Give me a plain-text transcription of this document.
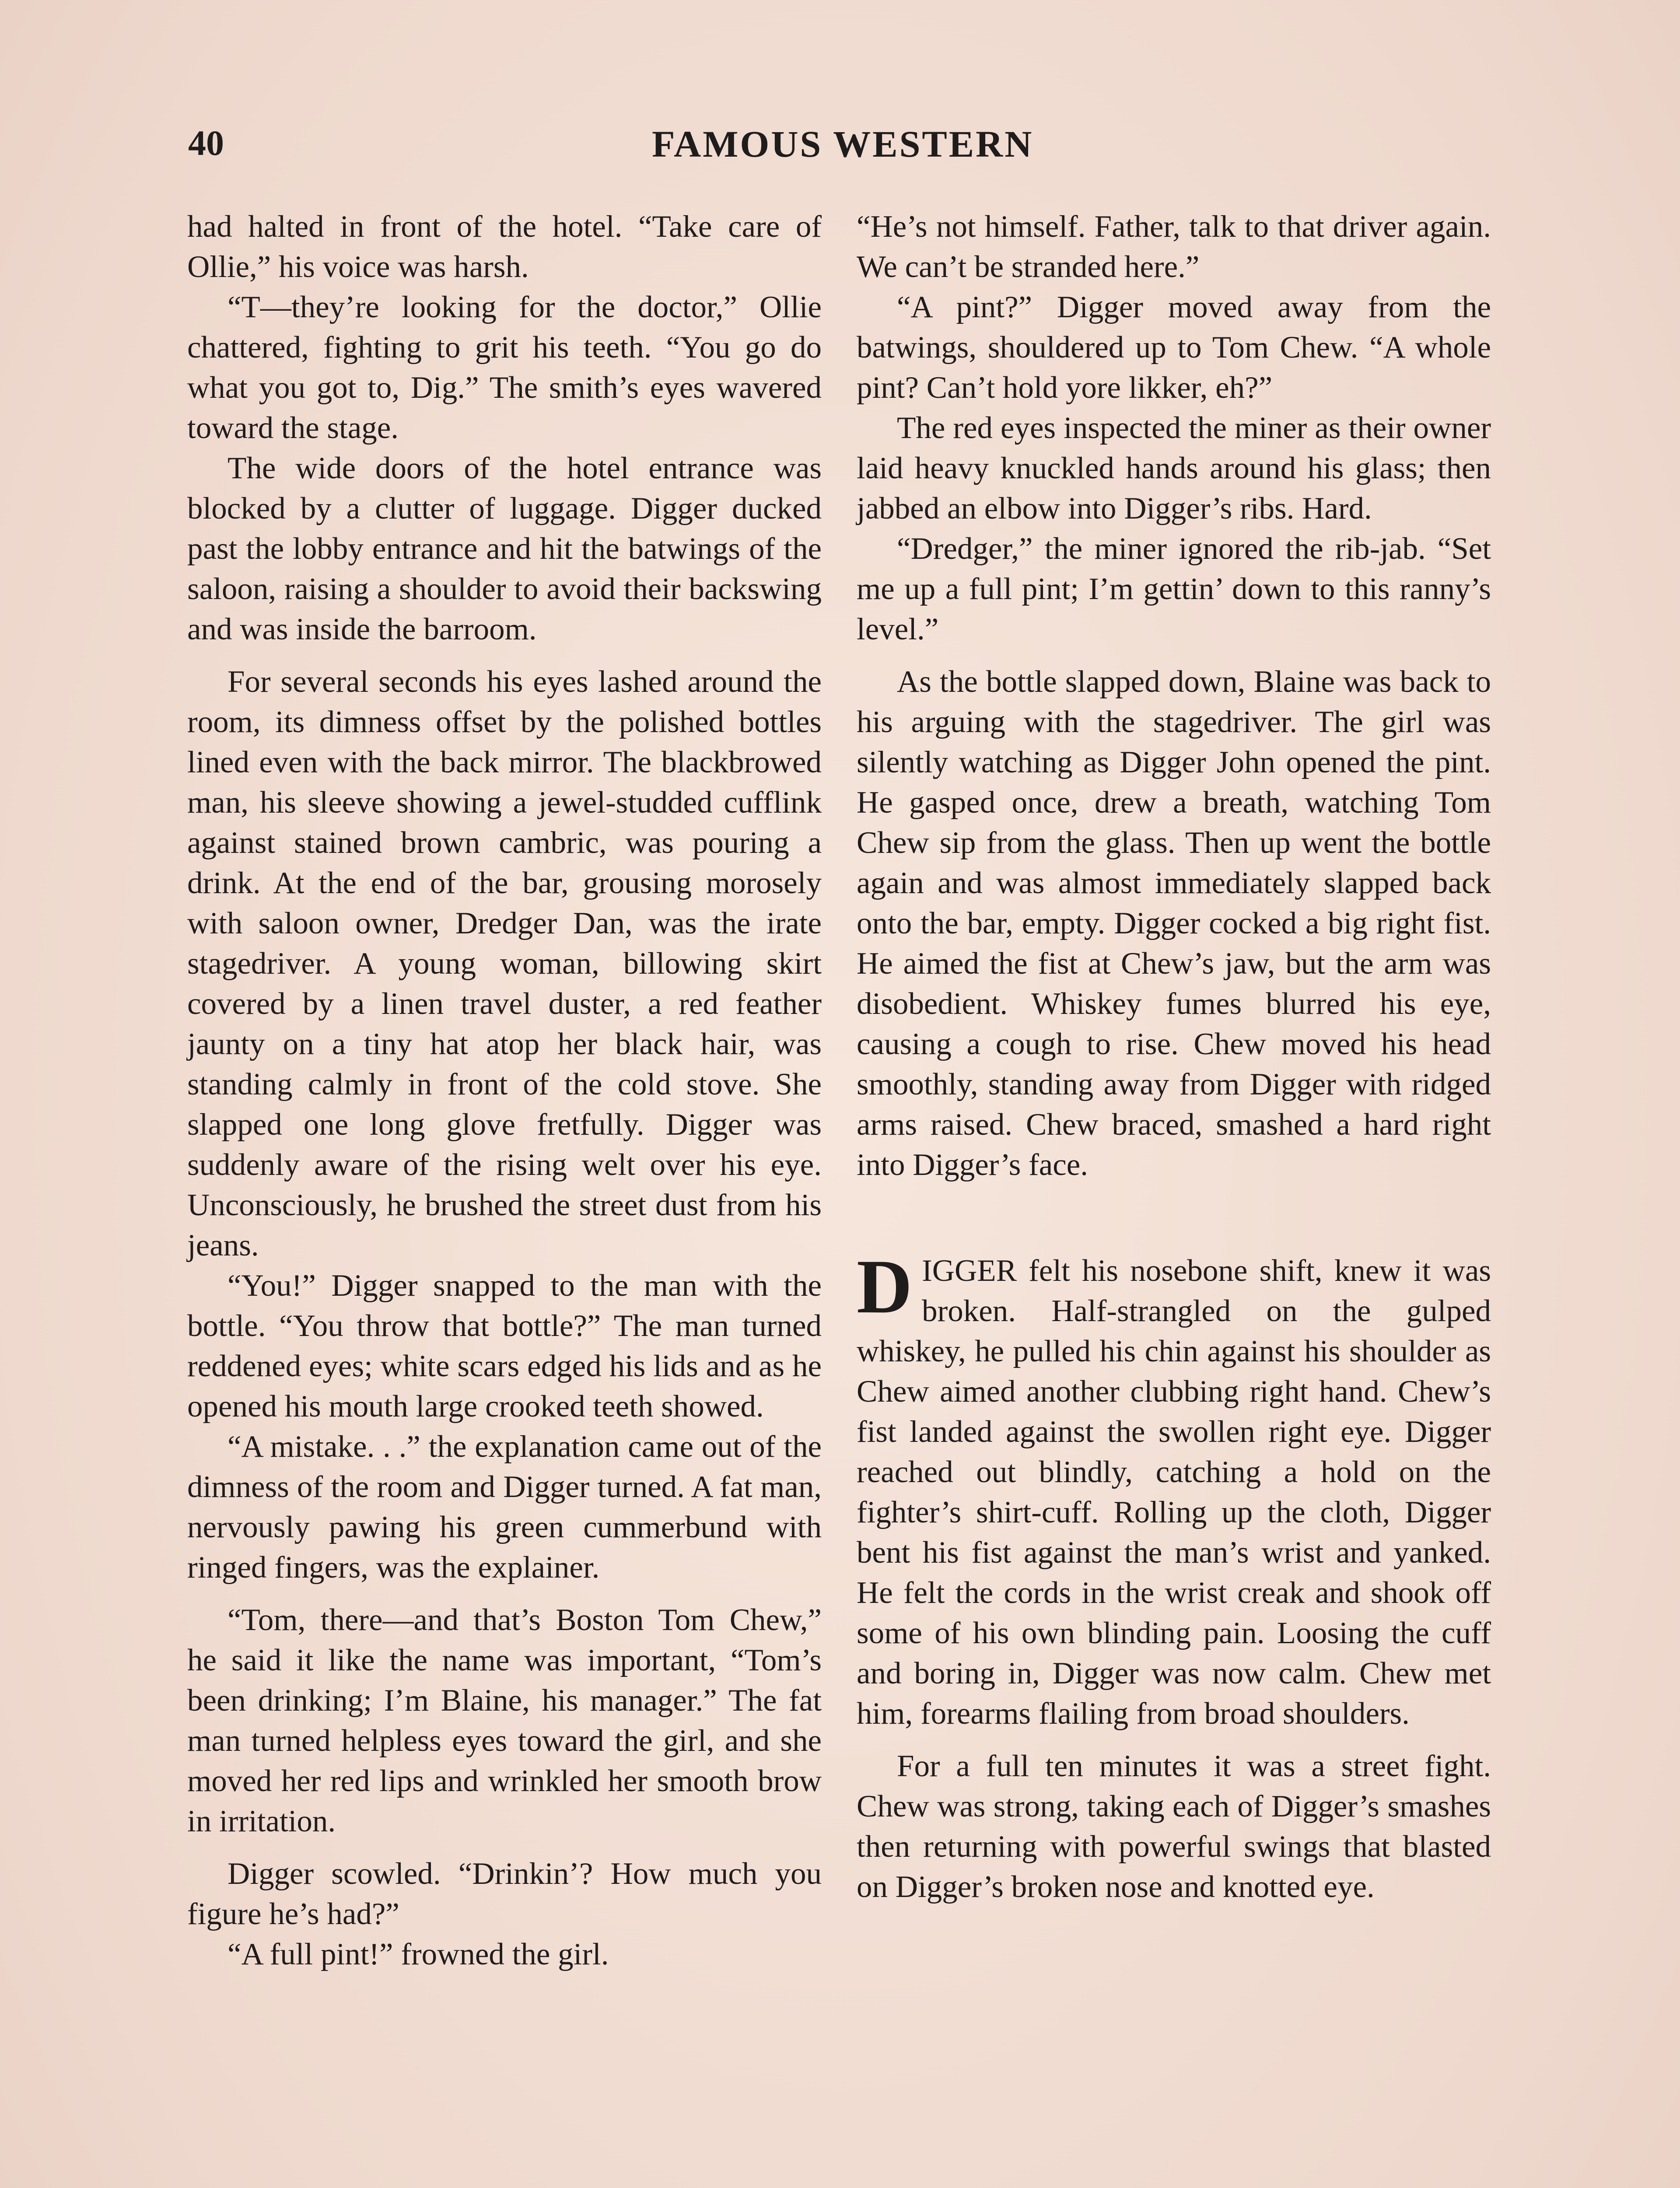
40	FAMOUS WESTERN

had halted in front of the hotel. “Take care of Ollie,” his voice was harsh.

“T—they’re looking for the doctor,” Ollie chattered, fighting to grit his teeth. “You go do what you got to, Dig.” The smith’s eyes wavered toward the stage.

The wide doors of the hotel entrance was blocked by a clutter of luggage. Digger ducked past the lobby entrance and hit the batwings of the saloon, raising a shoulder to avoid their backswing and was inside the barroom.

For several seconds his eyes lashed around the room, its dimness offset by the polished bottles lined even with the back mirror. The blackbrowed man, his sleeve showing a jewel-studded cufflink against stained brown cambric, was pouring a drink. At the end of the bar, grousing morosely with saloon owner, Dredger Dan, was the irate stagedriver. A young woman, billowing skirt covered by a linen travel duster, a red feather jaunty on a tiny hat atop her black hair, was standing calmly in front of the cold stove. She slapped one long glove fretfully. Digger was suddenly aware of the rising welt over his eye. Unconsciously, he brushed the street dust from his jeans.

“You!” Digger snapped to the man with the bottle. “You throw that bottle?” The man turned reddened eyes; white scars edged his lids and as he opened his mouth large crooked teeth showed.

“A mistake. . .” the explanation came out of the dimness of the room and Digger turned. A fat man, nervously pawing his green cummerbund with ringed fingers, was the explainer.

“Tom, there—and that’s Boston Tom Chew,” he said it like the name was important, “Tom’s been drinking; I’m Blaine, his manager.” The fat man turned helpless eyes toward the girl, and she moved her red lips and wrinkled her smooth brow in irritation.

Digger scowled. “Drinkin’? How much you figure he’s had?”

“A full pint!” frowned the girl.

“He’s not himself. Father, talk to that driver again. We can’t be stranded here.”

“A pint?” Digger moved away from the batwings, shouldered up to Tom Chew. “A whole pint? Can’t hold yore likker, eh?”

The red eyes inspected the miner as their owner laid heavy knuckled hands around his glass; then jabbed an elbow into Digger’s ribs. Hard.

“Dredger,” the miner ignored the rib-jab. “Set me up a full pint; I’m gettin’ down to this ranny’s level.”

As the bottle slapped down, Blaine was back to his arguing with the stagedriver. The girl was silently watching as Digger John opened the pint. He gasped once, drew a breath, watching Tom Chew sip from the glass. Then up went the bottle again and was almost immediately slapped back onto the bar, empty. Digger cocked a big right fist. He aimed the fist at Chew’s jaw, but the arm was disobedient. Whiskey fumes blurred his eye, causing a cough to rise. Chew moved his head smoothly, standing away from Digger with ridged arms raised. Chew braced, smashed a hard right into Digger’s face.

DIGGER felt his nosebone shift, knew it was broken. Half-strangled on the gulped whiskey, he pulled his chin against his shoulder as Chew aimed another clubbing right hand. Chew’s fist landed against the swollen right eye. Digger reached out blindly, catching a hold on the fighter’s shirt-cuff. Rolling up the cloth, Digger bent his fist against the man’s wrist and yanked. He felt the cords in the wrist creak and shook off some of his own blinding pain. Loosing the cuff and boring in, Digger was now calm. Chew met him, forearms flailing from broad shoulders.

For a full ten minutes it was a street fight. Chew was strong, taking each of Digger’s smashes then returning with powerful swings that blasted on Digger’s broken nose and knotted eye.
